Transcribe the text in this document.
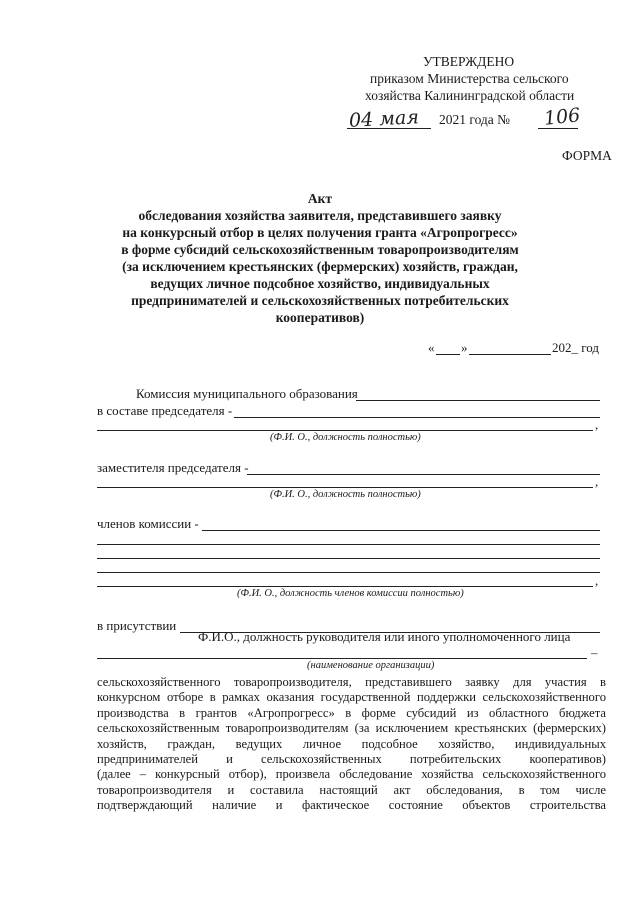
УТВЕРЖДЕНО
приказом Министерства сельского
хозяйства Калининградской области
04 мая 2021 года № 106
ФОРМА
Акт
обследования хозяйства заявителя, представившего заявку
на конкурсный отбор в целях получения гранта «Агропрогресс»
в форме субсидий сельскохозяйственным товаропроизводителям
(за исключением крестьянских (фермерских) хозяйств, граждан,
ведущих личное подсобное хозяйство, индивидуальных
предпринимателей и сельскохозяйственных потребительских
кооперативов)
« »	202_ год
Комиссия муниципального образования
в составе председателя -
,
(Ф.И. О., должность полностью)
заместителя председателя -
,
(Ф.И. О., должность полностью)
членов комиссии -
,
(Ф.И. О., должность членов комиссии полностью)
в присутствии
Ф.И.О., должность руководителя или иного уполномоченного лица
–
(наименование организации)
сельскохозяйственного товаропроизводителя, представившего заявку для участия в
конкурсном отборе в рамках оказания государственной поддержки сельскохозяйственного
производства в грантов «Агропрогресс» в форме субсидий из областного бюджета
сельскохозяйственным товаропроизводителям (за исключением крестьянских (фермерских)
хозяйств, граждан, ведущих личное подсобное хозяйство, индивидуальных
предпринимателей и сельскохозяйственных потребительских кооперативов)
(далее – конкурсный отбор), произвела обследование хозяйства сельскохозяйственного
товаропроизводителя и составила настоящий акт обследования, в том числе
подтверждающий наличие и фактическое состояние объектов строительства
